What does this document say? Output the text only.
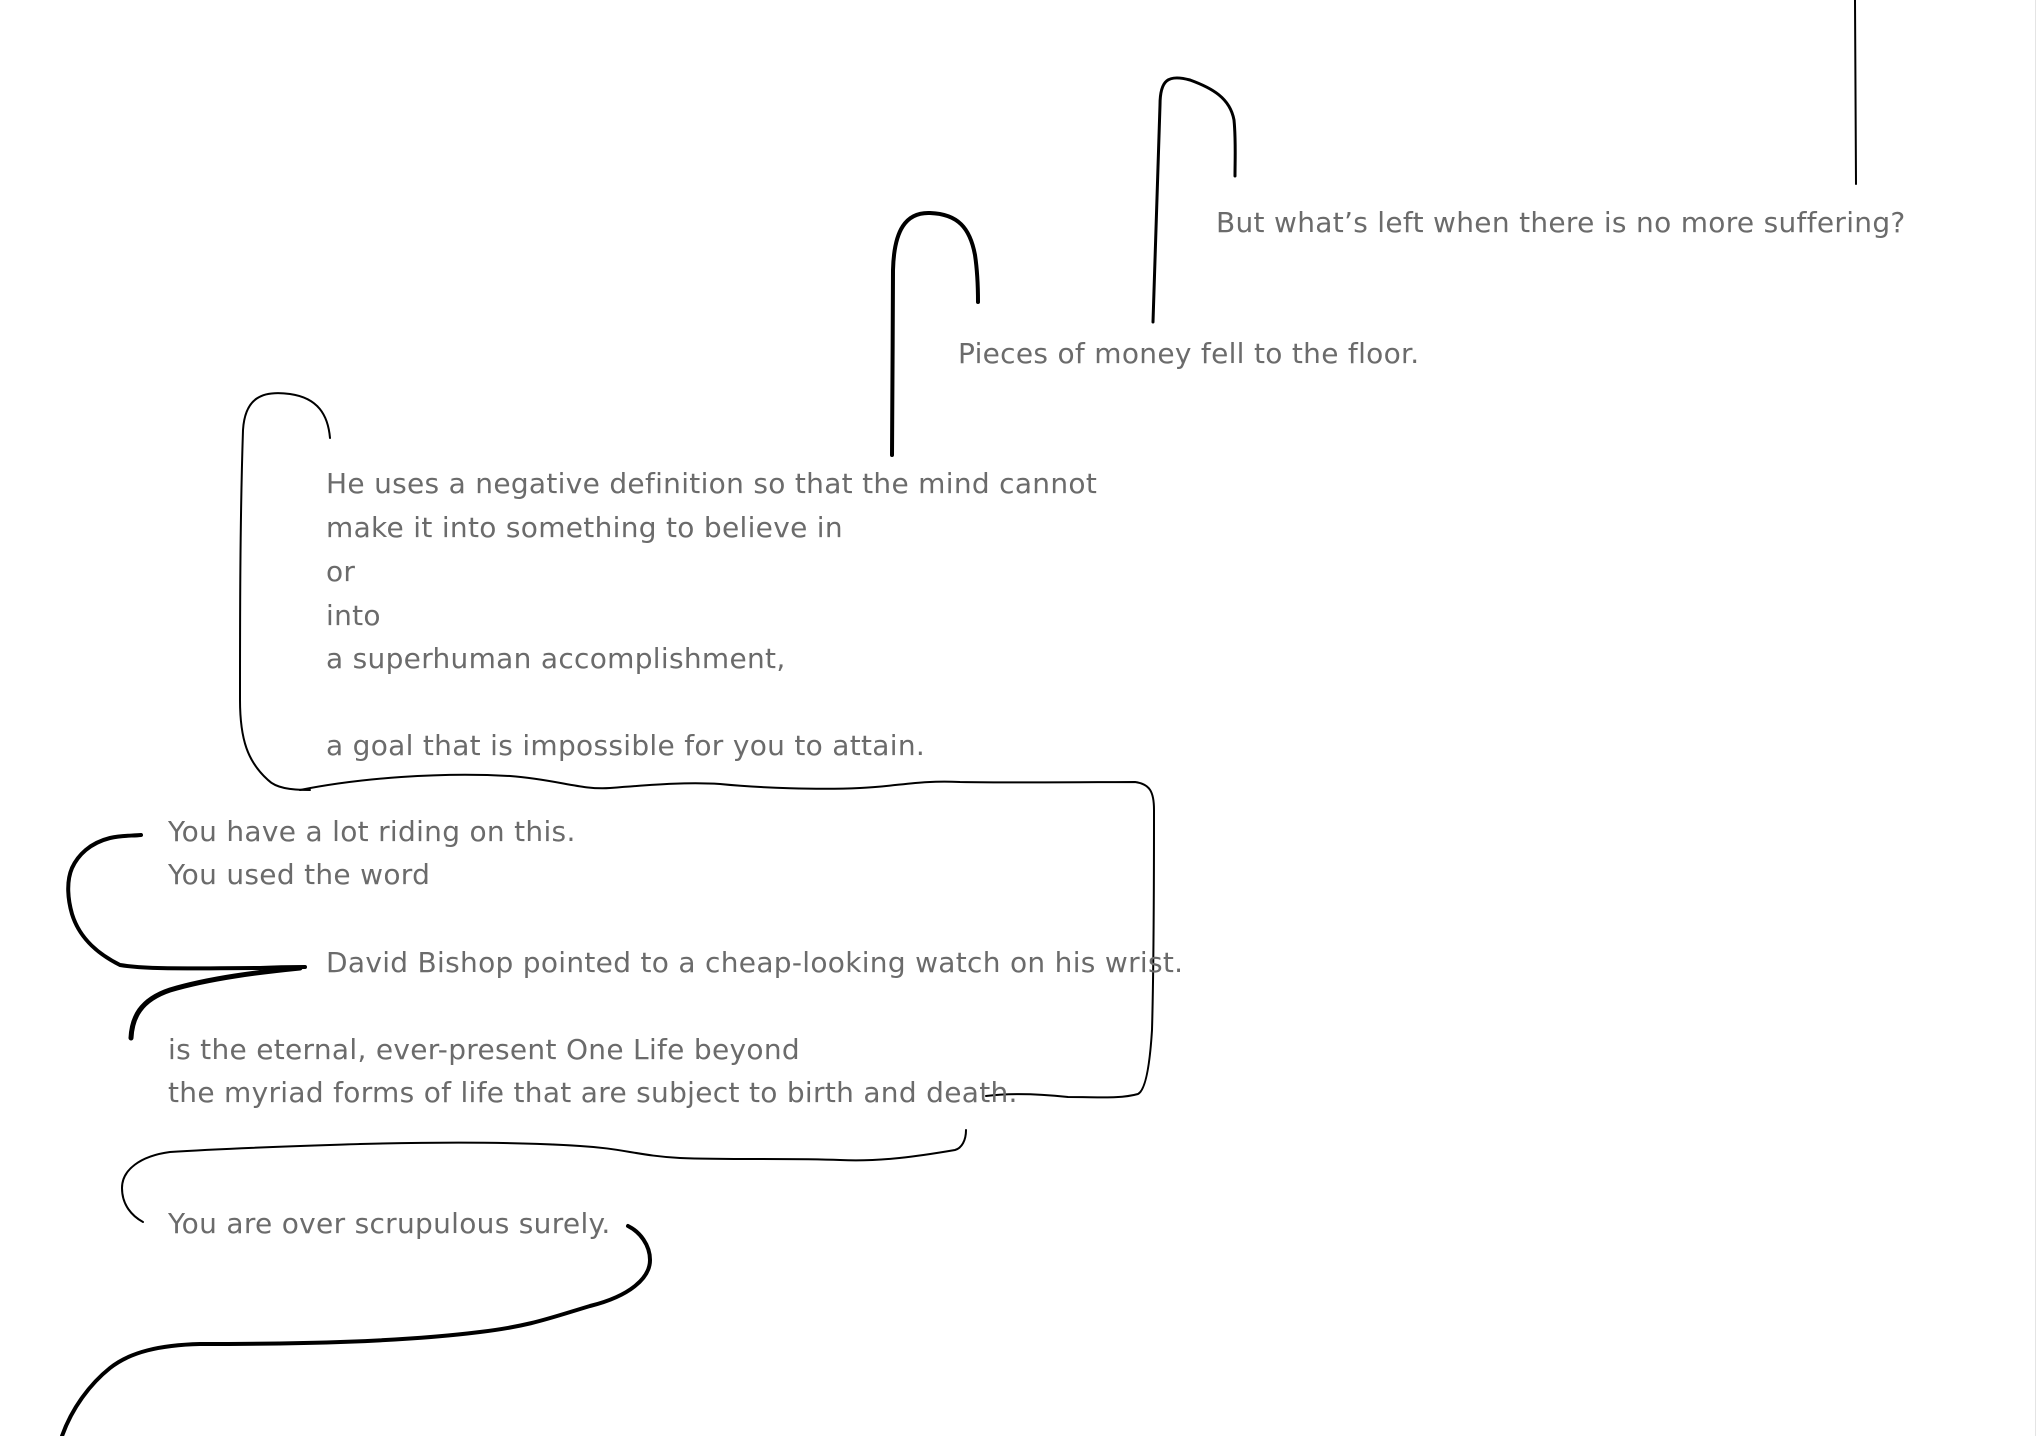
But what’s left when there is no more suffering?
Pieces of money fell to the floor.
He uses a negative definition so that the mind cannot
make it into something to believe in
or
into
a superhuman accomplishment,
a goal that is impossible for you to attain.
You have a lot riding on this.
You used the word
David Bishop pointed to a cheap-looking watch on his wrist.
is the eternal, ever-present One Life beyond
the myriad forms of life that are subject to birth and death.
You are over scrupulous surely.
